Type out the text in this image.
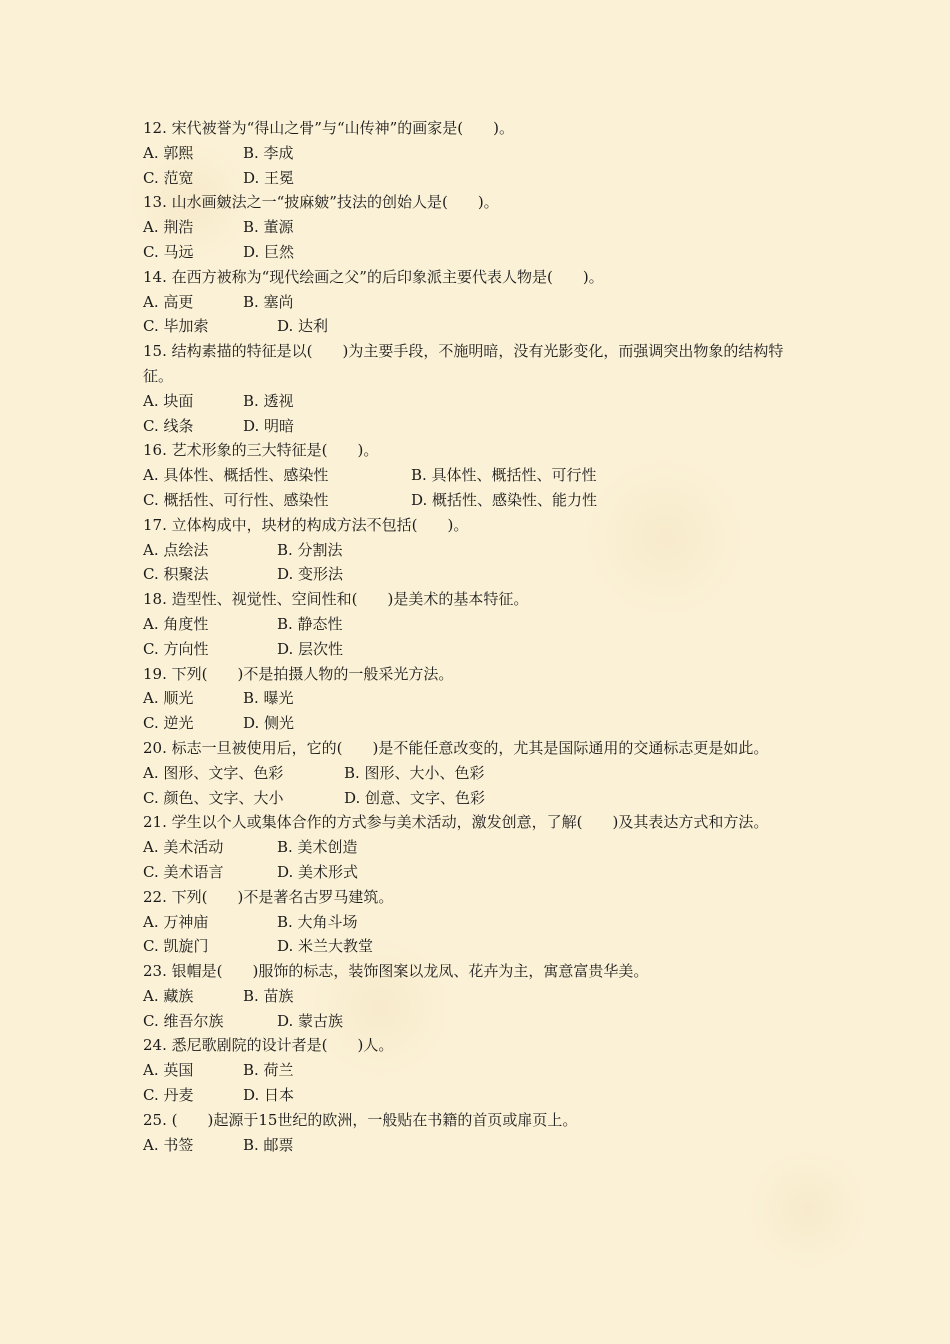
12. 宋代被誉为“得山之骨”与“山传神”的画家是(　　)。

A. 郭熙	B. 李成
C. 范宽	D. 王冕

13. 山水画皴法之一“披麻皴”技法的创始人是(　　)。

A. 荆浩	B. 董源
C. 马远	D. 巨然

14. 在西方被称为“现代绘画之父”的后印象派主要代表人物是(　　)。

A. 高更	B. 塞尚
C. 毕加索	D. 达利

15. 结构素描的特征是以(　　)为主要手段，不施明暗，没有光影变化，而强调突出物象的结构特征。

A. 块面	B. 透视
C. 线条	D. 明暗

16. 艺术形象的三大特征是(　　)。

A. 具体性、概括性、感染性	B. 具体性、概括性、可行性
C. 概括性、可行性、感染性	D. 概括性、感染性、能力性

17. 立体构成中，块材的构成方法不包括(　　)。

A. 点绘法	B. 分割法
C. 积聚法	D. 变形法

18. 造型性、视觉性、空间性和(　　)是美术的基本特征。

A. 角度性	B. 静态性
C. 方向性	D. 层次性

19. 下列(　　)不是拍摄人物的一般采光方法。

A. 顺光	B. 曝光
C. 逆光	D. 侧光

20. 标志一旦被使用后，它的(　　)是不能任意改变的，尤其是国际通用的交通标志更是如此。

A. 图形、文字、色彩	B. 图形、大小、色彩
C. 颜色、文字、大小	D. 创意、文字、色彩

21. 学生以个人或集体合作的方式参与美术活动，激发创意，了解(　　)及其表达方式和方法。

A. 美术活动	B. 美术创造
C. 美术语言	D. 美术形式

22. 下列(　　)不是著名古罗马建筑。

A. 万神庙	B. 大角斗场
C. 凯旋门	D. 米兰大教堂

23. 银帽是(　　)服饰的标志，装饰图案以龙凤、花卉为主，寓意富贵华美。

A. 藏族	B. 苗族
C. 维吾尔族	D. 蒙古族

24. 悉尼歌剧院的设计者是(　　)人。

A. 英国	B. 荷兰
C. 丹麦	D. 日本

25. (　　)起源于15世纪的欧洲，一般贴在书籍的首页或扉页上。

A. 书签	B. 邮票
